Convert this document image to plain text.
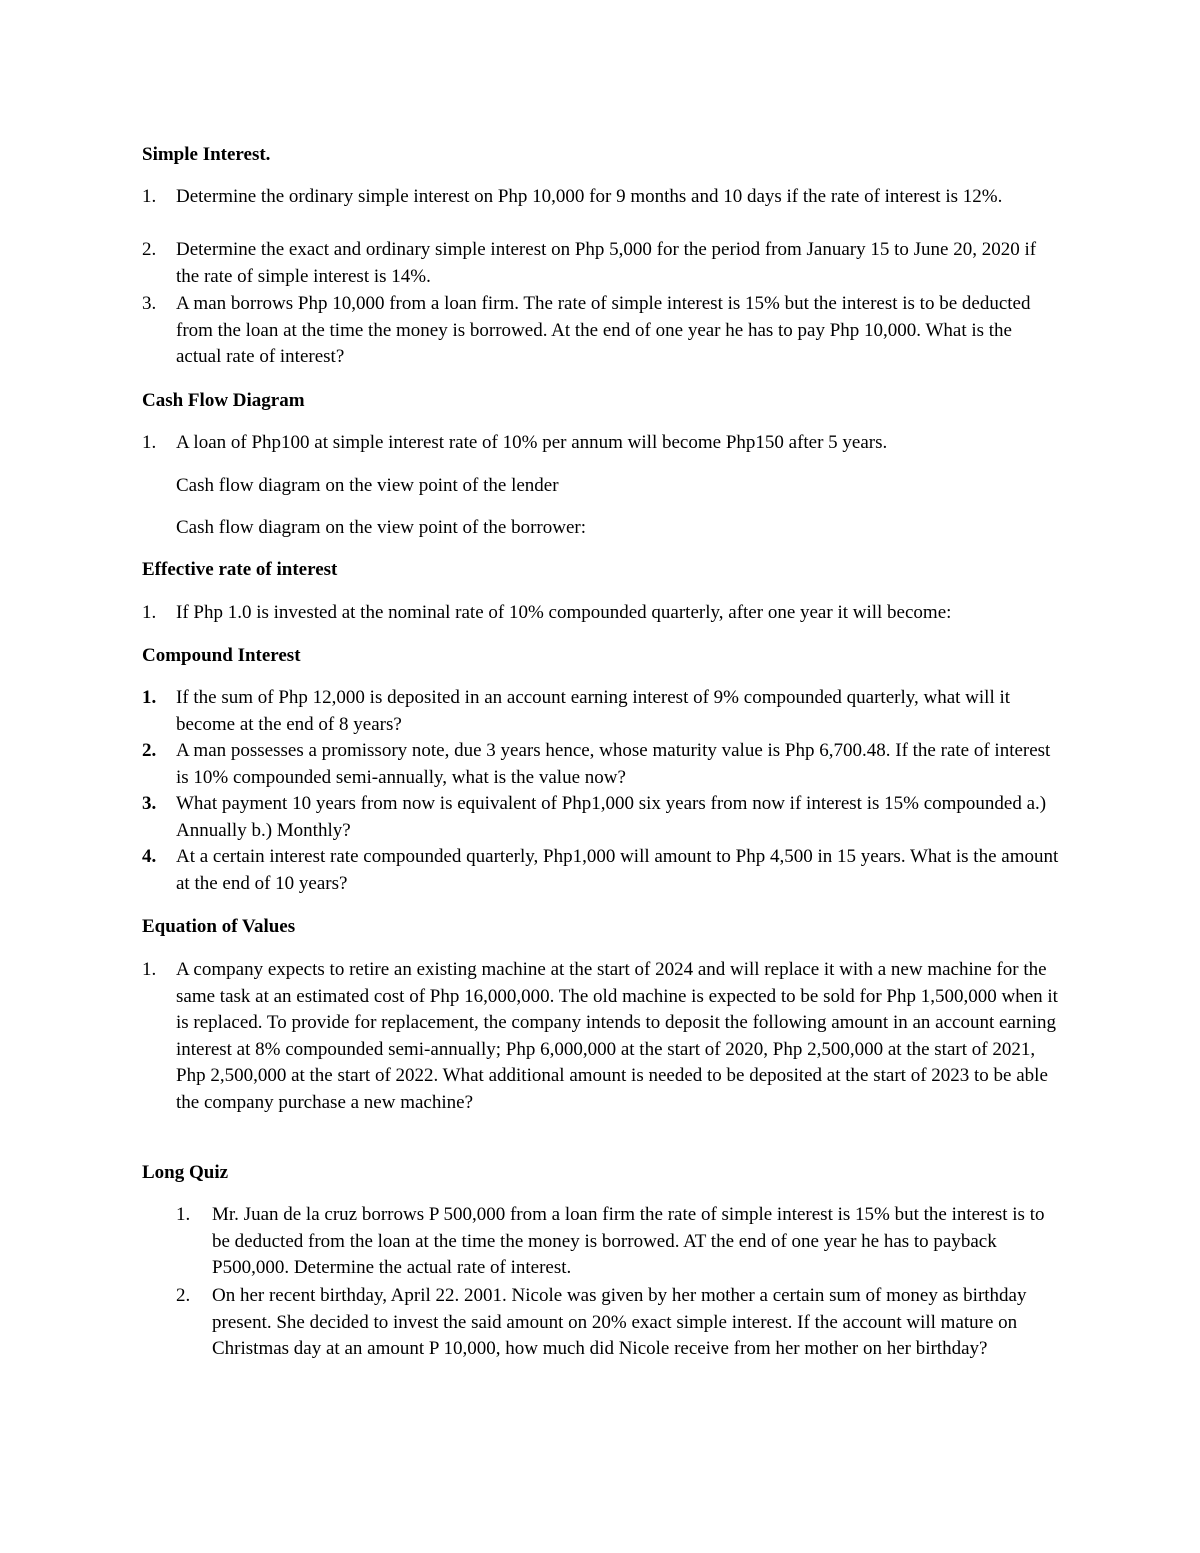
Simple Interest.
1.	Determine the ordinary simple interest on Php 10,000 for 9 months and 10 days if the rate of interest is 12%.
2.	Determine the exact and ordinary simple interest on Php 5,000 for the period from January 15 to June 20, 2020 if the rate of simple interest is 14%.
3.	A man borrows Php 10,000 from a loan firm. The rate of simple interest is 15% but the interest is to be deducted from the loan at the time the money is borrowed. At the end of one year he has to pay Php 10,000. What is the actual rate of interest?
Cash Flow Diagram
1.	A loan of Php100 at simple interest rate of 10% per annum will become Php150 after 5 years.
Cash flow diagram on the view point of the lender
Cash flow diagram on the view point of the borrower:
Effective rate of interest
1.	If Php 1.0 is invested at the nominal rate of 10% compounded quarterly, after one year it will become:
Compound Interest
1.	If the sum of Php 12,000 is deposited in an account earning interest of 9% compounded quarterly, what will it become at the end of 8 years?
2.	A man possesses a promissory note, due 3 years hence, whose maturity value is Php 6,700.48. If the rate of interest is 10% compounded semi-annually, what is the value now?
3.	What payment 10 years from now is equivalent of Php1,000 six years from now if interest is 15% compounded a.) Annually b.) Monthly?
4.	At a certain interest rate compounded quarterly, Php1,000 will amount to Php 4,500 in 15 years. What is the amount at the end of 10 years?
Equation of Values
1.	A company expects to retire an existing machine at the start of 2024 and will replace it with a new machine for the same task at an estimated cost of Php 16,000,000. The old machine is expected to be sold for Php 1,500,000 when it is replaced. To provide for replacement, the company intends to deposit the following amount in an account earning interest at 8% compounded semi-annually; Php 6,000,000 at the start of 2020, Php 2,500,000 at the start of 2021, Php 2,500,000 at the start of 2022. What additional amount is needed to be deposited at the start of 2023 to be able the company purchase a new machine?
Long Quiz
1.	Mr. Juan de la cruz borrows P 500,000 from a loan firm the rate of simple interest is 15% but the interest is to be deducted from the loan at the time the money is borrowed. AT the end of one year he has to payback P500,000. Determine the actual rate of interest.
2.	On her recent birthday, April 22. 2001. Nicole was given by her mother a certain sum of money as birthday present. She decided to invest the said amount on 20% exact simple interest. If the account will mature on Christmas day at an amount P 10,000, how much did Nicole receive from her mother on her birthday?
